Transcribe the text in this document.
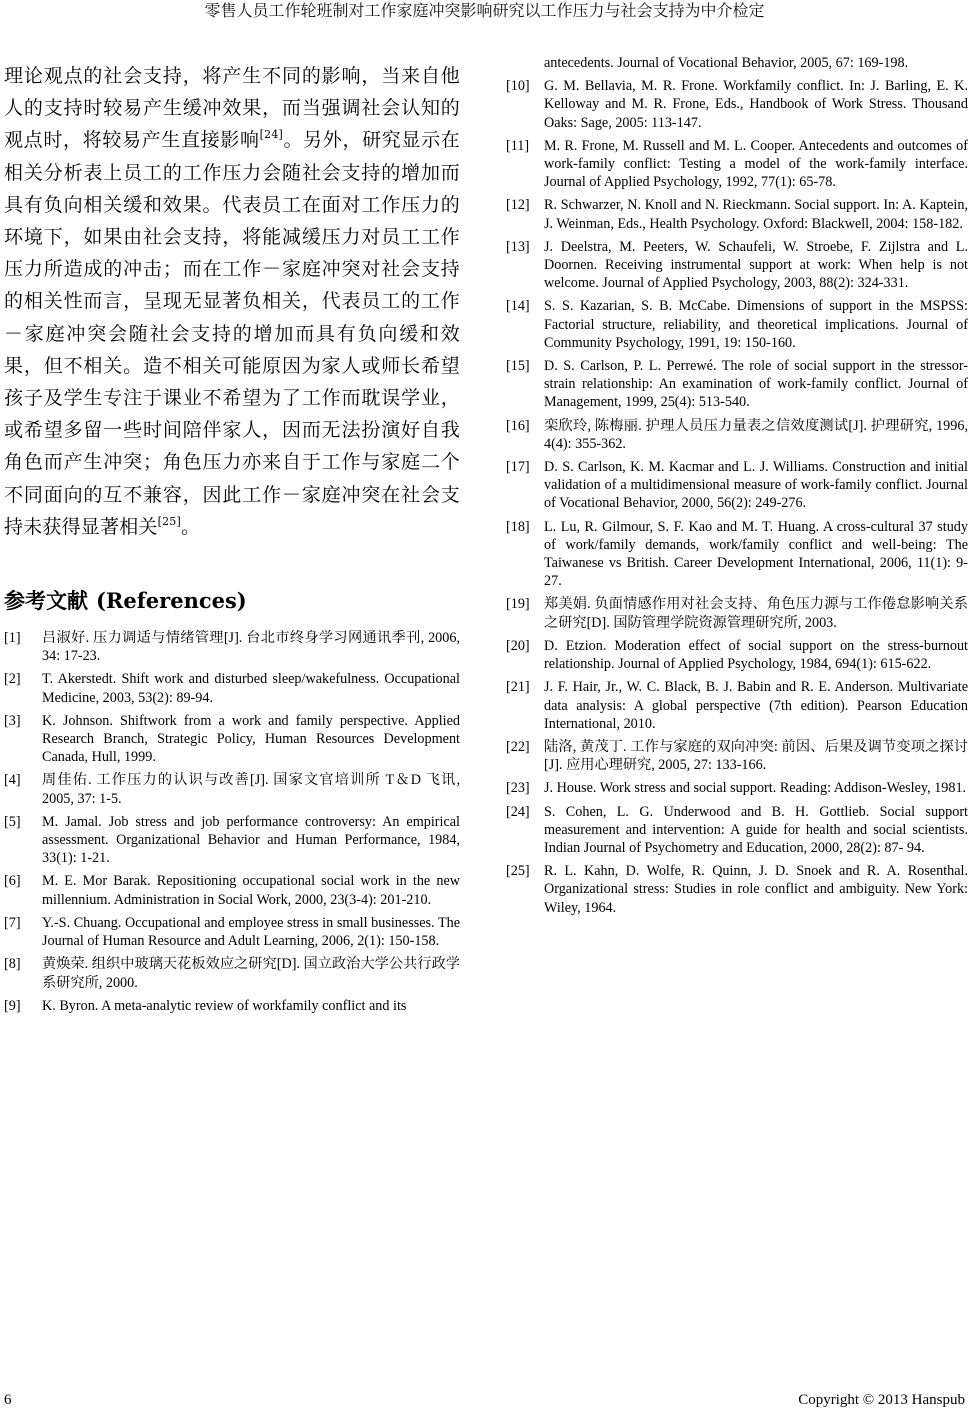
零售人员工作轮班制对工作家庭冲突影响研究以工作压力与社会支持为中介检定

理论观点的社会支持，将产生不同的影响，当来自他人的支持时较易产生缓冲效果，而当强调社会认知的观点时，将较易产生直接影响[24]。另外，研究显示在相关分析表上员工的工作压力会随社会支持的增加而具有负向相关缓和效果。代表员工在面对工作压力的环境下，如果由社会支持，将能减缓压力对员工工作压力所造成的冲击；而在工作－家庭冲突对社会支持的相关性而言，呈现无显著负相关，代表员工的工作－家庭冲突会随社会支持的增加而具有负向缓和效果，但不相关。造不相关可能原因为家人或师长希望孩子及学生专注于课业不希望为了工作而耽误学业，或希望多留一些时间陪伴家人，因而无法扮演好自我角色而产生冲突；角色压力亦来自于工作与家庭二个不同面向的互不兼容，因此工作－家庭冲突在社会支持未获得显著相关[25]。

参考文献 (References)
[1]	吕淑好. 压力调适与情绪管理[J]. 台北市终身学习网通讯季刊, 2006, 34: 17-23.
[2]	T. Akerstedt. Shift work and disturbed sleep/wakefulness. Occupational Medicine, 2003, 53(2): 89-94.
[3]	K. Johnson. Shiftwork from a work and family perspective. Applied Research Branch, Strategic Policy, Human Resources Development Canada, Hull, 1999.
[4]	周佳佑. 工作压力的认识与改善[J]. 国家文官培训所 T＆D 飞讯, 2005, 37: 1-5.
[5]	M. Jamal. Job stress and job performance controversy: An empirical assessment. Organizational Behavior and Human Performance, 1984, 33(1): 1-21.
[6]	M. E. Mor Barak. Repositioning occupational social work in the new millennium. Administration in Social Work, 2000, 23(3-4): 201-210.
[7]	Y.-S. Chuang. Occupational and employee stress in small businesses. The Journal of Human Resource and Adult Learning, 2006, 2(1): 150-158.
[8]	黄焕荣. 组织中玻璃天花板效应之研究[D]. 国立政治大学公共行政学系研究所, 2000.
[9]	K. Byron. A meta-analytic review of workfamily conflict and its
antecedents. Journal of Vocational Behavior, 2005, 67: 169-198.
[10]	G. M. Bellavia, M. R. Frone. Workfamily conflict. In: J. Barling, E. K. Kelloway and M. R. Frone, Eds., Handbook of Work Stress. Thousand Oaks: Sage, 2005: 113-147.
[11]	M. R. Frone, M. Russell and M. L. Cooper. Antecedents and outcomes of work-family conflict: Testing a model of the work-family interface. Journal of Applied Psychology, 1992, 77(1): 65-78.
[12]	R. Schwarzer, N. Knoll and N. Rieckmann. Social support. In: A. Kaptein, J. Weinman, Eds., Health Psychology. Oxford: Blackwell, 2004: 158-182.
[13]	J. Deelstra, M. Peeters, W. Schaufeli, W. Stroebe, F. Zijlstra and L. Doornen. Receiving instrumental support at work: When help is not welcome. Journal of Applied Psychology, 2003, 88(2): 324-331.
[14]	S. S. Kazarian, S. B. McCabe. Dimensions of support in the MSPSS: Factorial structure, reliability, and theoretical implications. Journal of Community Psychology, 1991, 19: 150-160.
[15]	D. S. Carlson, P. L. Perrewé. The role of social support in the stressor-strain relationship: An examination of work-family conflict. Journal of Management, 1999, 25(4): 513-540.
[16]	栾欣玲, 陈梅丽. 护理人员压力量表之信效度测试[J]. 护理研究, 1996, 4(4): 355-362.
[17]	D. S. Carlson, K. M. Kacmar and L. J. Williams. Construction and initial validation of a multidimensional measure of work-family conflict. Journal of Vocational Behavior, 2000, 56(2): 249-276.
[18]	L. Lu, R. Gilmour, S. F. Kao and M. T. Huang. A cross-cultural 37 study of work/family demands, work/family conflict and well-being: The Taiwanese vs British. Career Development International, 2006, 11(1): 9-27.
[19]	郑美娟. 负面情感作用对社会支持、角色压力源与工作倦怠影响关系之研究[D]. 国防管理学院资源管理研究所, 2003.
[20]	D. Etzion. Moderation effect of social support on the stress-burnout relationship. Journal of Applied Psychology, 1984, 694(1): 615-622.
[21]	J. F. Hair, Jr., W. C. Black, B. J. Babin and R. E. Anderson. Multivariate data analysis: A global perspective (7th edition). Pearson Education International, 2010.
[22]	陆洛, 黄茂丁. 工作与家庭的双向冲突: 前因、后果及调节变项之探讨[J]. 应用心理研究, 2005, 27: 133-166.
[23]	J. House. Work stress and social support. Reading: Addison-Wesley, 1981.
[24]	S. Cohen, L. G. Underwood and B. H. Gottlieb. Social support measurement and intervention: A guide for health and social scientists. Indian Journal of Psychometry and Education, 2000, 28(2): 87- 94.
[25]	R. L. Kahn, D. Wolfe, R. Quinn, J. D. Snoek and R. A. Rosenthal. Organizational stress: Studies in role conflict and ambiguity. New York: Wiley, 1964.
6	Copyright © 2013 Hanspub
